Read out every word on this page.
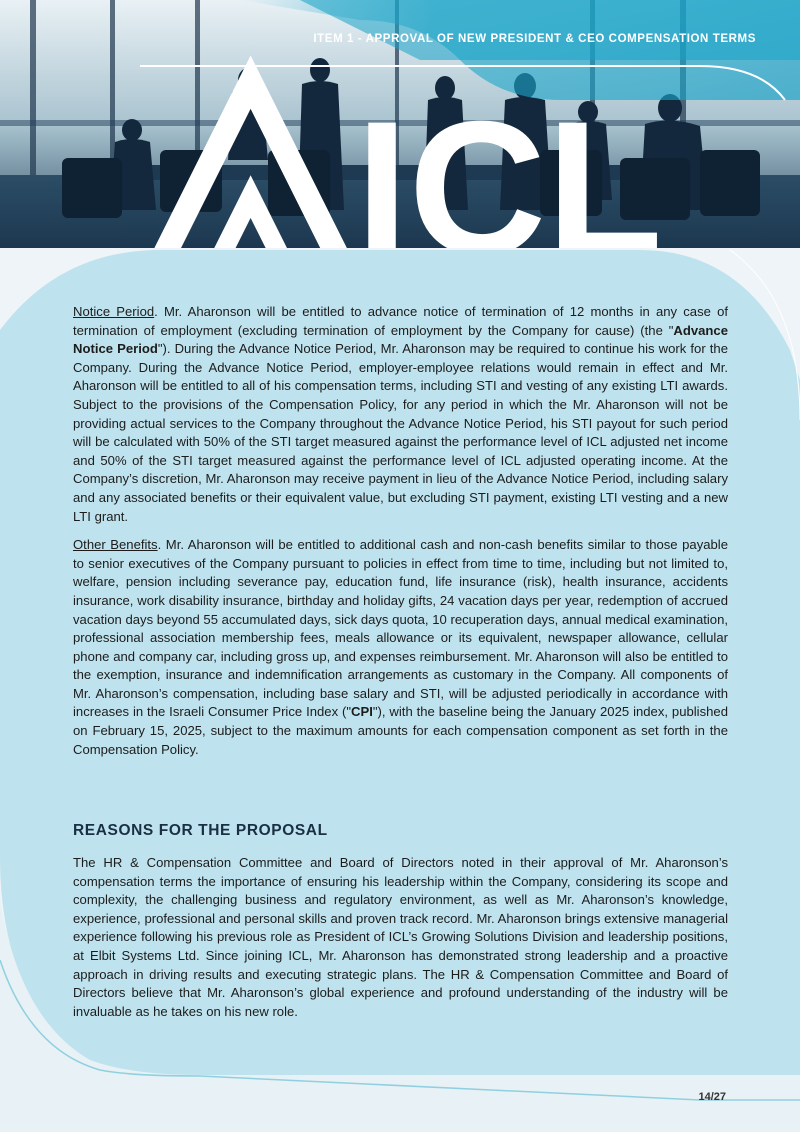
ICL
ITEM 1 - APPROVAL OF NEW PRESIDENT & CEO COMPENSATION TERMS

Notice Period. Mr. Aharonson will be entitled to advance notice of termination of 12 months in any case of termination of employment (excluding termination of employment by the Company for cause) (the "Advance Notice Period"). During the Advance Notice Period, Mr. Aharonson may be required to continue his work for the Company. During the Advance Notice Period, employer-employee relations would remain in effect and Mr. Aharonson will be entitled to all of his compensation terms, including STI and vesting of any existing LTI awards. Subject to the provisions of the Compensation Policy, for any period in which the Mr. Aharonson will not be providing actual services to the Company throughout the Advance Notice Period, his STI payout for such period will be calculated with 50% of the STI target measured against the performance level of ICL adjusted net income and 50% of the STI target measured against the performance level of ICL adjusted operating income. At the Company’s discretion, Mr. Aharonson may receive payment in lieu of the Advance Notice Period, including salary and any associated benefits or their equivalent value, but excluding STI payment, existing LTI vesting and a new LTI grant.

Other Benefits. Mr. Aharonson will be entitled to additional cash and non-cash benefits similar to those payable to senior executives of the Company pursuant to policies in effect from time to time, including but not limited to, welfare, pension including severance pay, education fund, life insurance (risk), health insurance, accidents insurance, work disability insurance, birthday and holiday gifts, 24 vacation days per year, redemption of accrued vacation days beyond 55 accumulated days, sick days quota, 10 recuperation days, annual medical examination, professional association membership fees, meals allowance or its equivalent, newspaper allowance, cellular phone and company car, including gross up, and expenses reimbursement. Mr. Aharonson will also be entitled to the exemption, insurance and indemnification arrangements as customary in the Company. All components of Mr. Aharonson’s compensation, including base salary and STI, will be adjusted periodically in accordance with increases in the Israeli Consumer Price Index ("CPI"), with the baseline being the January 2025 index, published on February 15, 2025, subject to the maximum amounts for each compensation component as set forth in the Compensation Policy.

REASONS FOR THE PROPOSAL
The HR & Compensation Committee and Board of Directors noted in their approval of Mr. Aharonson’s compensation terms the importance of ensuring his leadership within the Company, considering its scope and complexity, the challenging business and regulatory environment, as well as Mr. Aharonson’s knowledge, experience, professional and personal skills and proven track record. Mr. Aharonson brings extensive managerial experience following his previous role as President of ICL’s Growing Solutions Division and leadership positions, at Elbit Systems Ltd. Since joining ICL, Mr. Aharonson has demonstrated strong leadership and a proactive approach in driving results and executing strategic plans. The HR & Compensation Committee and Board of Directors believe that Mr. Aharonson’s global experience and profound understanding of the industry will be invaluable as he takes on his new role.
14/27
